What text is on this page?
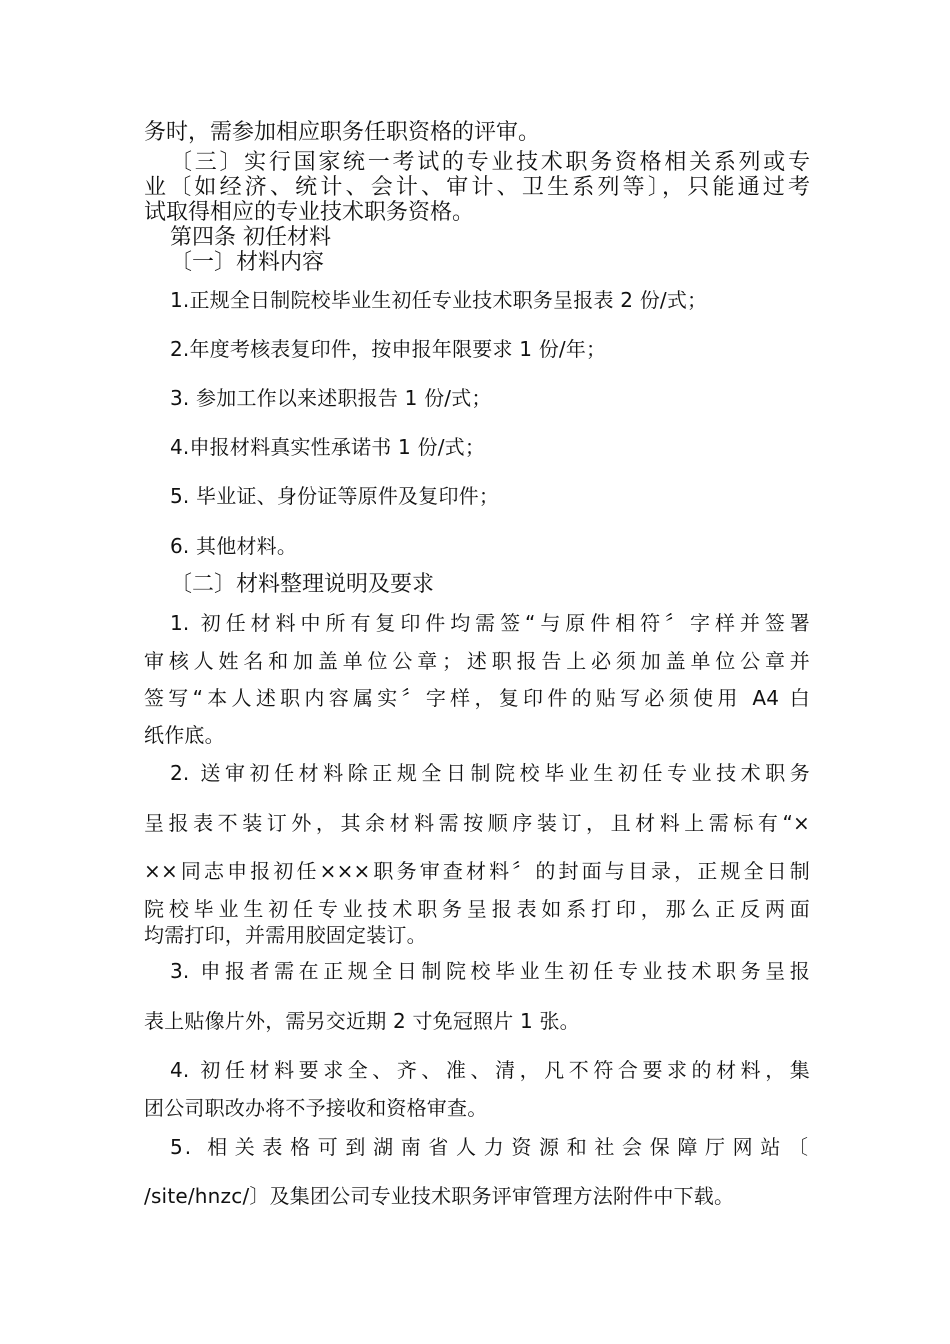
务时，需参加相应职务任职资格的评审。

〔三〕实行国家统一考试的专业技术职务资格相关系列或专

业〔如经济、统计、会计、审计、卫生系列等〕，只能通过考

试取得相应的专业技术职务资格。

第四条 初任材料

〔一〕材料内容

1.正规全日制院校毕业生初任专业技术职务呈报表 2 份/式；

2.年度考核表复印件，按申报年限要求 1 份/年；

3. 参加工作以来述职报告 1 份/式；

4.申报材料真实性承诺书 1 份/式；

5. 毕业证、身份证等原件及复印件；

6. 其他材料。

〔二〕材料整理说明及要求

1. 初任材料中所有复印件均需签“与原件相符〞字样并签署

审核人姓名和加盖单位公章；述职报告上必须加盖单位公章并

签写“本人述职内容属实〞字样，复印件的贴写必须使用 A4 白

纸作底。

2. 送审初任材料除正规全日制院校毕业生初任专业技术职务

呈报表不装订外，其余材料需按顺序装订，且材料上需标有“×

××同志申报初任×××职务审查材料〞的封面与目录，正规全日制

院校毕业生初任专业技术职务呈报表如系打印，那么正反两面

均需打印，并需用胶固定装订。

3. 申报者需在正规全日制院校毕业生初任专业技术职务呈报

表上贴像片外，需另交近期 2 寸免冠照片 1 张。

4. 初任材料要求全、齐、准、清，凡不符合要求的材料，集

团公司职改办将不予接收和资格审查。

5. 相关表格可到湖南省人力资源和社会保障厅网站〔

/site/hnzc/〕及集团公司专业技术职务评审管理方法附件中下载。
